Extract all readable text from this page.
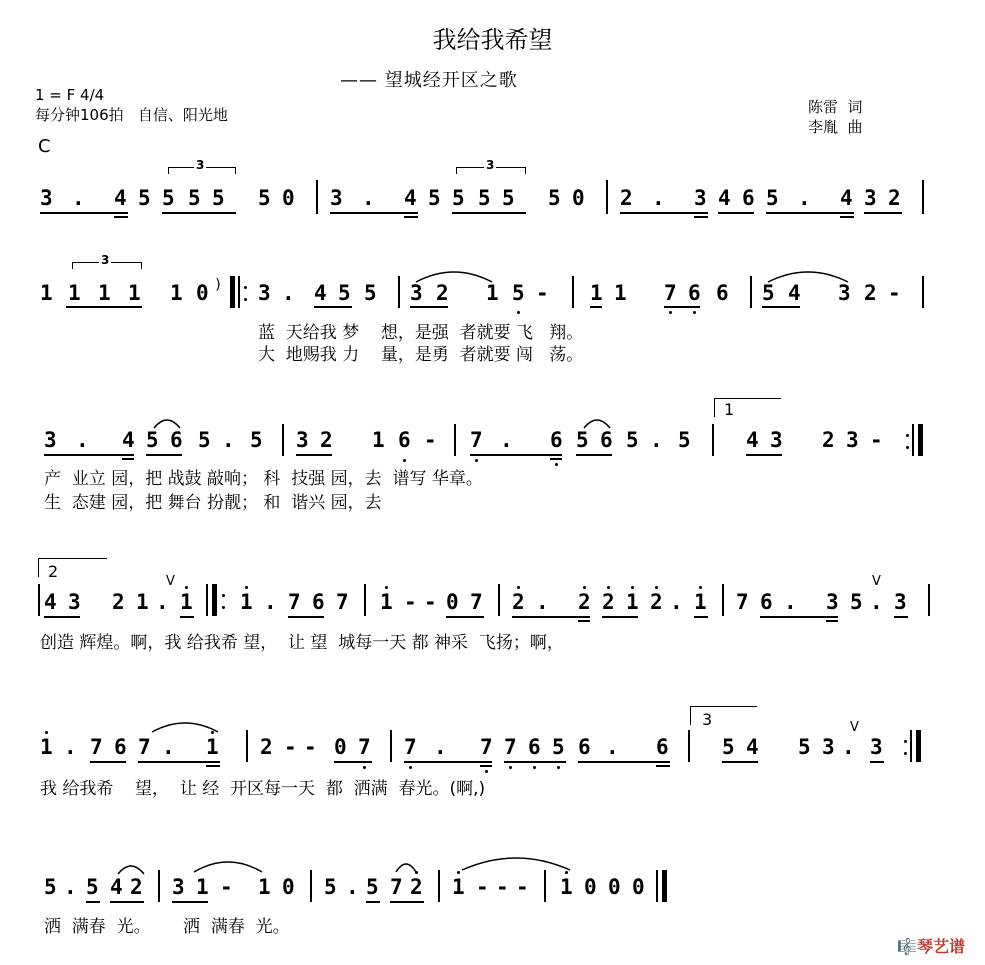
我给我希望
—— 望城经开区之歌
1 = F 4/4
每分钟106拍   自信、阳光地	陈雷  词
李胤  曲
C
3	3
3 . 4 5 5 5 5 5 0 3 . 4 5 5 5 5 5 0 2 . 3 4 6 5 . 4 3 2
3
1 1 1 1 1 0 ) 3 . 4 5 5 3 2 1 5 - 1 1 7 6 6 5 4 3 2 -
蓝  天给我 梦    想，是强  者就要 飞   翔。
大  地赐我 力    量，是勇  者就要 闯   荡。
1
3 . 4 5 6 5 . 5 3 2 1 6 - 7 . 6 5 6 5 . 5	4 3 2 3 -
产  业立 园，把 战鼓 敲响； 科  技强 园，去  谱写 华章。
生  态建 园，把 舞台 扮靓； 和  谐兴 园，去
2
4 3 2 1 .
V
1 1 . 7 6 7 1 - - 0 7 2 . 2 2 1 2 . 1 7 6 . 3 5 .
V
3
创造 辉煌。啊，我 给我希 望，  让 望  城每一天 都 神采  飞扬；啊，
3
1 . 7 6 7 . 1 2 - - 0 7 7 . 7 7 6 5 6 . 6	5 4 5 3 .
V
3
我 给我希    望，  让 经  开区每一天  都  洒满  春光。(啊,)
5 . 5 4 2 3 1 - 1 0 5 . 5 7 2 1 - - - 1 0 0 0
洒  满春  光。      洒  满春  光。
🎼琴艺谱
